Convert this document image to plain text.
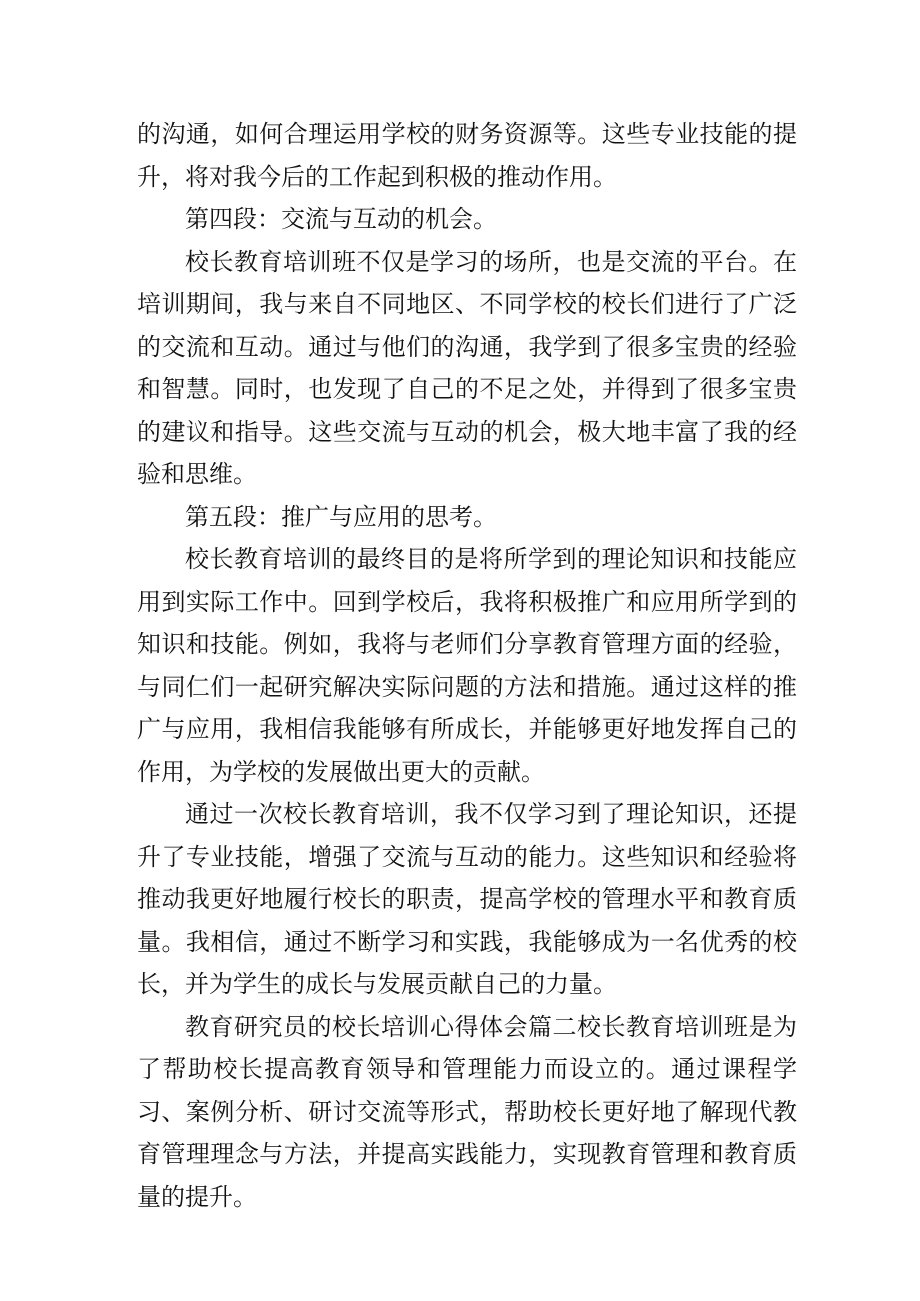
的沟通，如何合理运用学校的财务资源等。这些专业技能的提升，将对我今后的工作起到积极的推动作用。

第四段：交流与互动的机会。

校长教育培训班不仅是学习的场所，也是交流的平台。在培训期间，我与来自不同地区、不同学校的校长们进行了广泛的交流和互动。通过与他们的沟通，我学到了很多宝贵的经验和智慧。同时，也发现了自己的不足之处，并得到了很多宝贵的建议和指导。这些交流与互动的机会，极大地丰富了我的经验和思维。

第五段：推广与应用的思考。

校长教育培训的最终目的是将所学到的理论知识和技能应用到实际工作中。回到学校后，我将积极推广和应用所学到的知识和技能。例如，我将与老师们分享教育管理方面的经验，与同仁们一起研究解决实际问题的方法和措施。通过这样的推广与应用，我相信我能够有所成长，并能够更好地发挥自己的作用，为学校的发展做出更大的贡献。

通过一次校长教育培训，我不仅学习到了理论知识，还提升了专业技能，增强了交流与互动的能力。这些知识和经验将推动我更好地履行校长的职责，提高学校的管理水平和教育质量。我相信，通过不断学习和实践，我能够成为一名优秀的校长，并为学生的成长与发展贡献自己的力量。

教育研究员的校长培训心得体会篇二校长教育培训班是为了帮助校长提高教育领导和管理能力而设立的。通过课程学习、案例分析、研讨交流等形式，帮助校长更好地了解现代教育管理理念与方法，并提高实践能力，实现教育管理和教育质量的提升。
